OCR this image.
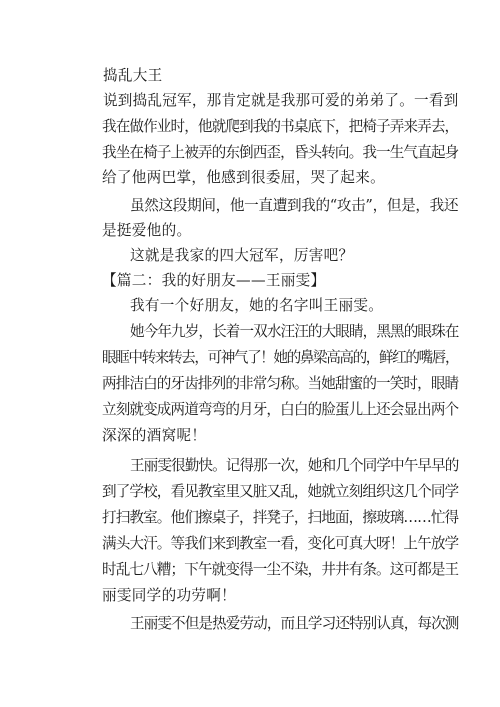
捣乱大王
说到捣乱冠军，那肯定就是我那可爱的弟弟了。一看到
我在做作业时，他就爬到我的书桌底下，把椅子弄来弄去，
我坐在椅子上被弄的东倒西歪，昏头转向。我一生气直起身
给了他两巴掌，他感到很委屈，哭了起来。
虽然这段期间，他一直遭到我的“攻击”，但是，我还
是挺爱他的。
这就是我家的四大冠军，厉害吧？
【篇二：我的好朋友——王丽雯】
我有一个好朋友，她的名字叫王丽雯。
她今年九岁，长着一双水汪汪的大眼睛，黑黑的眼珠在
眼眶中转来转去，可神气了！她的鼻梁高高的，鲜红的嘴唇，
两排洁白的牙齿排列的非常匀称。当她甜蜜的一笑时，眼睛
立刻就变成两道弯弯的月牙，白白的脸蛋儿上还会显出两个
深深的酒窝呢！
王丽雯很勤快。记得那一次，她和几个同学中午早早的
到了学校，看见教室里又脏又乱，她就立刻组织这几个同学
打扫教室。他们擦桌子，拌凳子，扫地面，擦玻璃……忙得
满头大汗。等我们来到教室一看，变化可真大呀！上午放学
时乱七八糟；下午就变得一尘不染，井井有条。这可都是王
丽雯同学的功劳啊！
王丽雯不但是热爱劳动，而且学习还特别认真，每次测
